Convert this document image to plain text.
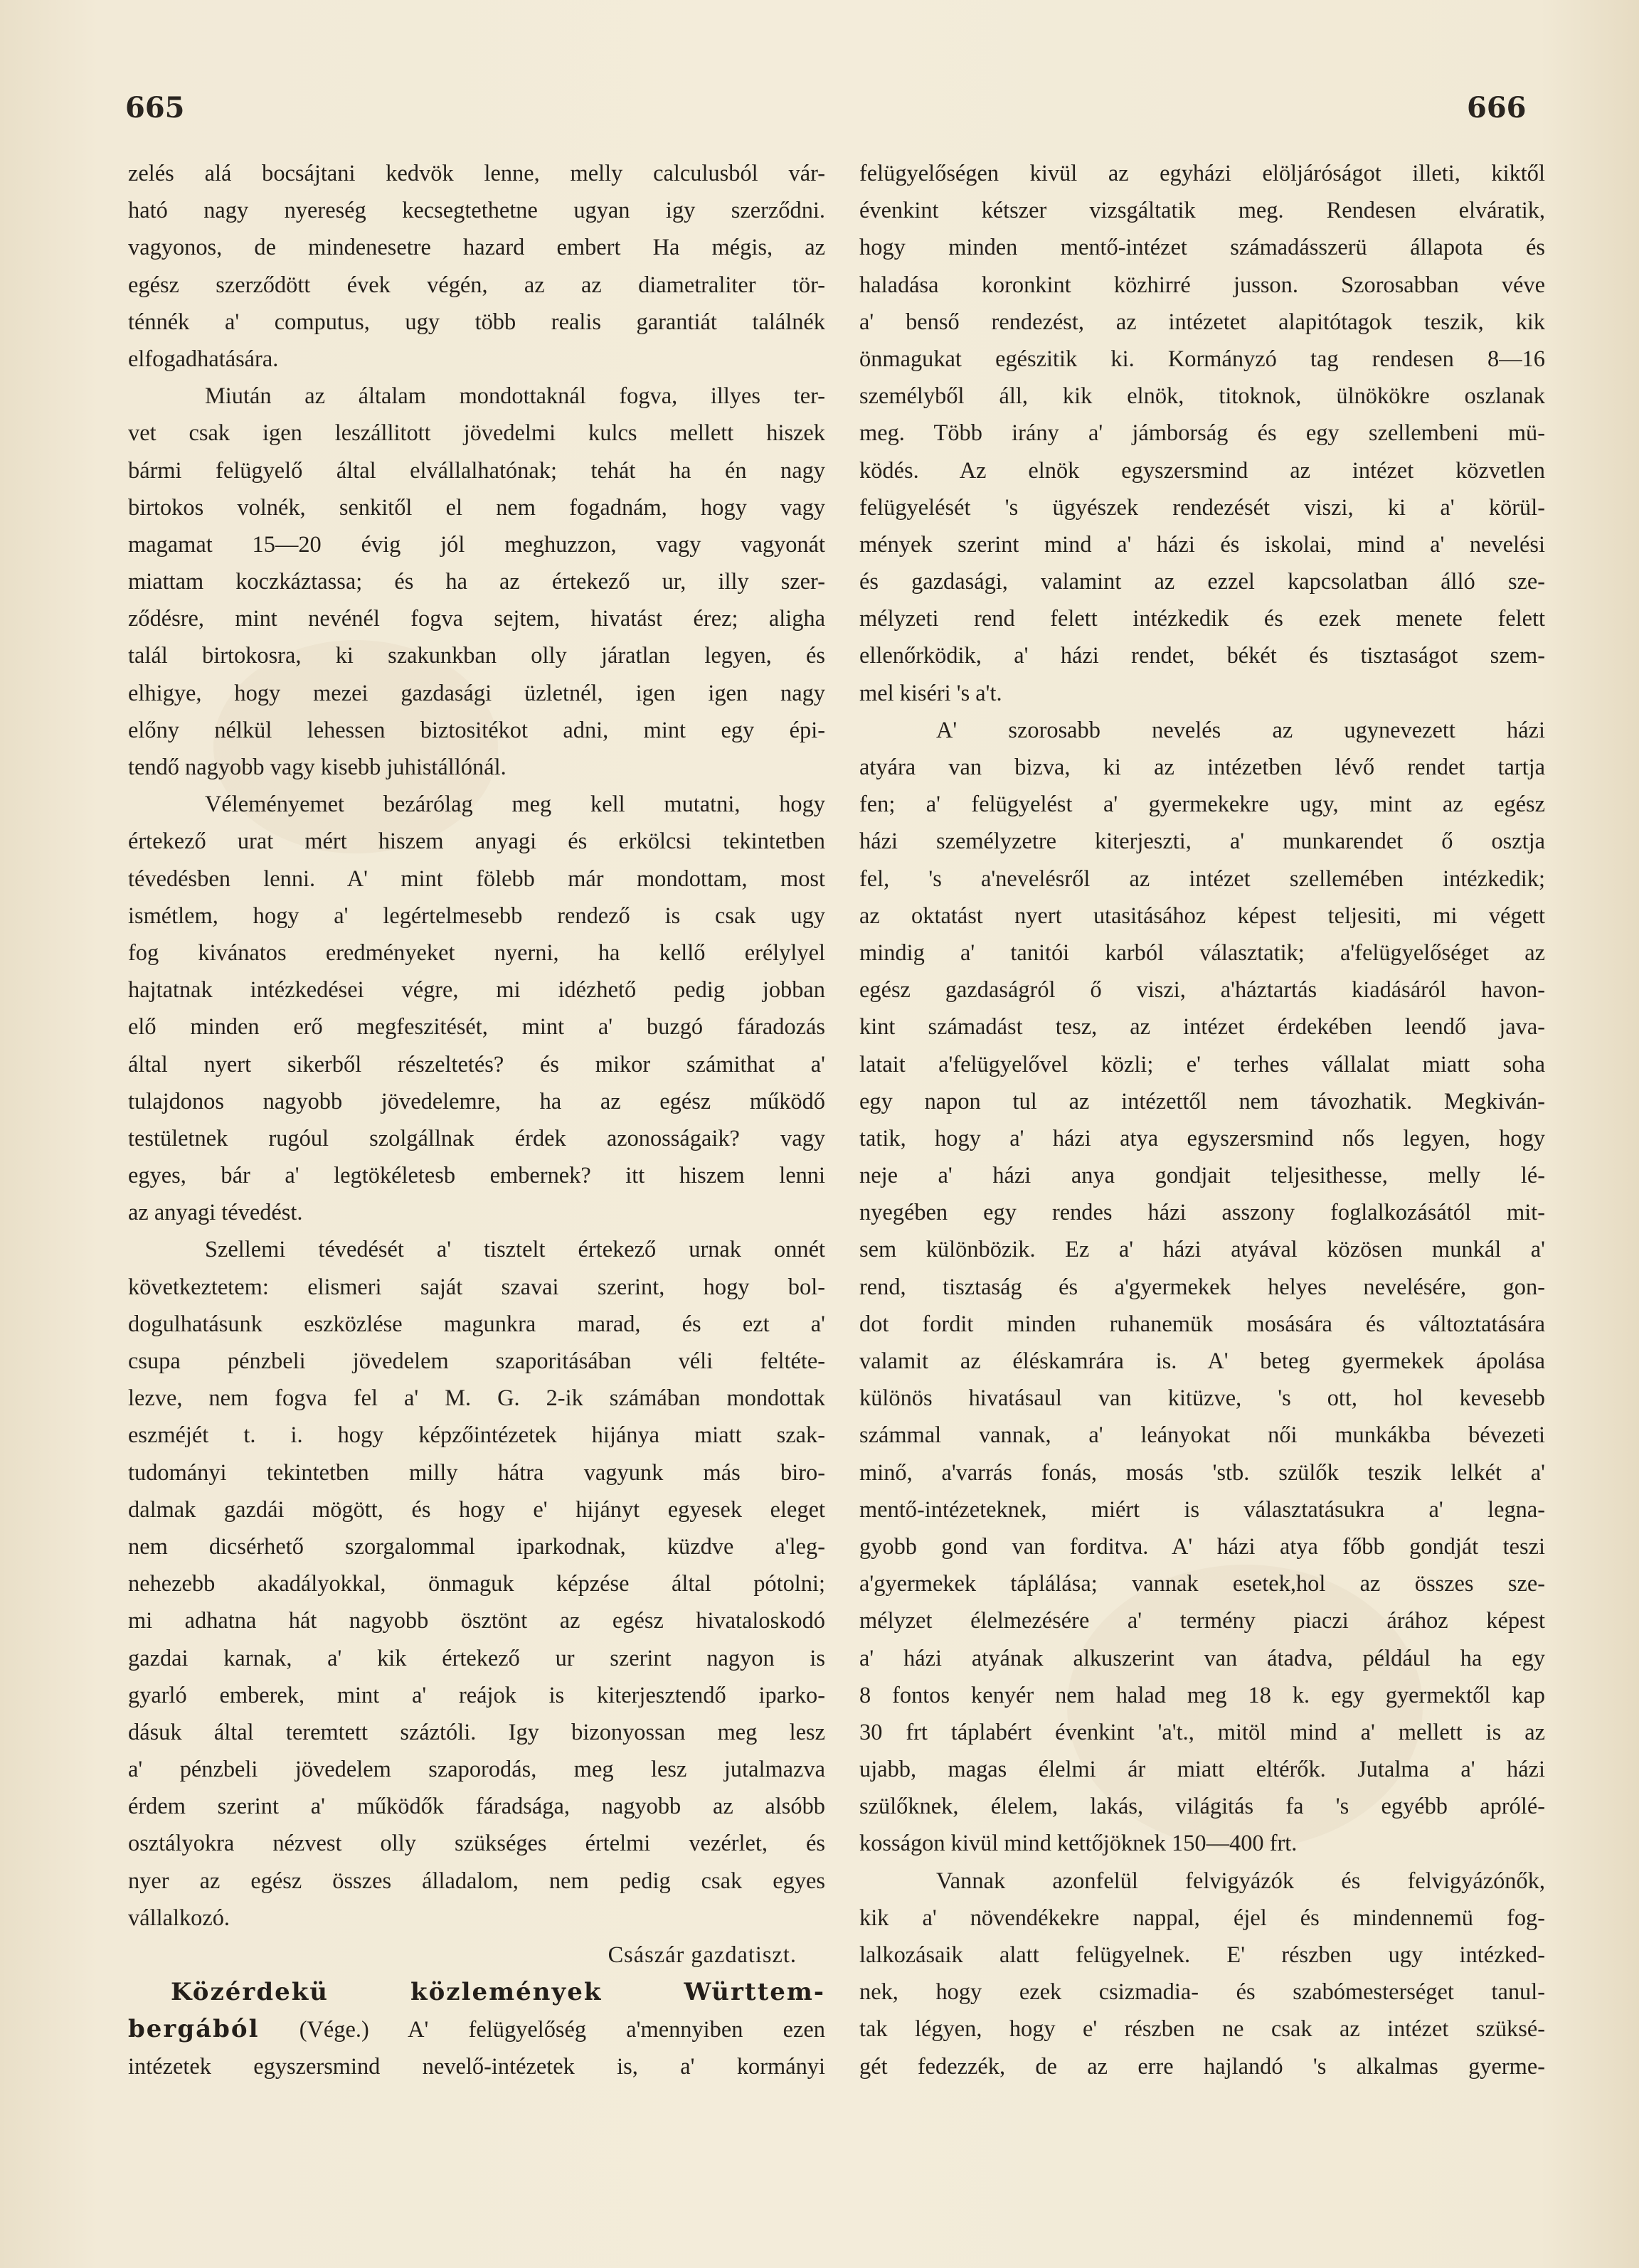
665	666
zelés alá bocsájtani kedvök lenne, melly calculusból vár-
ható nagy nyereség kecsegtethetne ugyan igy szerződni.
vagyonos, de mindenesetre hazard embert Ha mégis, az
egész szerződött évek végén, az az diametraliter tör-
ténnék a' computus, ugy több realis garantiát találnék
elfogadhatására.
Miután az általam mondottaknál fogva, illyes ter-
vet csak igen leszállitott jövedelmi kulcs mellett hiszek
bármi felügyelő által elvállalhatónak; tehát ha én nagy
birtokos volnék, senkitől el nem fogadnám, hogy vagy
magamat 15—20 évig jól meghuzzon, vagy vagyonát
miattam koczkáztassa; és ha az értekező ur, illy szer-
ződésre, mint nevénél fogva sejtem, hivatást érez; aligha
talál birtokosra, ki szakunkban olly járatlan legyen, és
elhigye, hogy mezei gazdasági üzletnél, igen igen nagy
előny nélkül lehessen biztositékot adni, mint egy épi-
tendő nagyobb vagy kisebb juhistállónál.
Véleményemet bezárólag meg kell mutatni, hogy
értekező urat mért hiszem anyagi és erkölcsi tekintetben
tévedésben lenni. A' mint fölebb már mondottam, most
ismétlem, hogy a' legértelmesebb rendező is csak ugy
fog kivánatos eredményeket nyerni, ha kellő erélylyel
hajtatnak intézkedései végre, mi idézhető pedig jobban
elő minden erő megfeszitését, mint a' buzgó fáradozás
által nyert sikerből részeltetés? és mikor számithat a'
tulajdonos nagyobb jövedelemre, ha az egész működő
testületnek rugóul szolgállnak érdek azonosságaik? vagy
egyes, bár a' legtökéletesb embernek? itt hiszem lenni
az anyagi tévedést.
Szellemi tévedését a' tisztelt értekező urnak onnét
következtetem: elismeri saját szavai szerint, hogy bol-
dogulhatásunk eszközlése magunkra marad, és ezt a'
csupa pénzbeli jövedelem szaporitásában véli feltéte-
lezve, nem fogva fel a' M. G. 2-ik számában mondottak
eszméjét t. i. hogy képzőintézetek hijánya miatt szak-
tudományi tekintetben milly hátra vagyunk más biro-
dalmak gazdái mögött, és hogy e' hijányt egyesek eleget
nem dicsérhető szorgalommal iparkodnak, küzdve a'leg-
nehezebb akadályokkal, önmaguk képzése által pótolni;
mi adhatna hát nagyobb ösztönt az egész hivataloskodó
gazdai karnak, a' kik értekező ur szerint nagyon is
gyarló emberek, mint a' reájok is kiterjesztendő iparko-
dásuk által teremtett száztóli. Igy bizonyossan meg lesz
a' pénzbeli jövedelem szaporodás, meg lesz jutalmazva
érdem szerint a' működők fáradsága, nagyobb az alsóbb
osztályokra nézvest olly szükséges értelmi vezérlet, és
nyer az egész összes álladalom, nem pedig csak egyes
vállalkozó.
Császár gazdatiszt.
Közérdekü közlemények Württem-
bergából (Vége.) A' felügyelőség a'mennyiben ezen
intézetek egyszersmind nevelő-intézetek is, a' kormányi
felügyelőségen kivül az egyházi elöljáróságot illeti, kiktől
évenkint kétszer vizsgáltatik meg. Rendesen elváratik,
hogy minden mentő-intézet számadásszerü állapota és
haladása koronkint közhirré jusson. Szorosabban véve
a' benső rendezést, az intézetet alapitótagok teszik, kik
önmagukat egészitik ki. Kormányzó tag rendesen 8—16
személyből áll, kik elnök, titoknok, ülnökökre oszlanak
meg. Több irány a' jámborság és egy szellembeni mü-
ködés. Az elnök egyszersmind az intézet közvetlen
felügyelését 's ügyészek rendezését viszi, ki a' körül-
mények szerint mind a' házi és iskolai, mind a' nevelési
és gazdasági, valamint az ezzel kapcsolatban álló sze-
mélyzeti rend felett intézkedik és ezek menete felett
ellenőrködik, a' házi rendet, békét és tisztaságot szem-
mel kiséri 's a't.
A' szorosabb nevelés az ugynevezett házi
atyára van bizva, ki az intézetben lévő rendet tartja
fen; a' felügyelést a' gyermekekre ugy, mint az egész
házi személyzetre kiterjeszti, a' munkarendet ő osztja
fel, 's a'nevelésről az intézet szellemében intézkedik;
az oktatást nyert utasitásához képest teljesiti, mi végett
mindig a' tanitói karból választatik; a'felügyelőséget az
egész gazdaságról ő viszi, a'háztartás kiadásáról havon-
kint számadást tesz, az intézet érdekében leendő java-
latait a'felügyelővel közli; e' terhes vállalat miatt soha
egy napon tul az intézettől nem távozhatik. Megkiván-
tatik, hogy a' házi atya egyszersmind nős legyen, hogy
neje a' házi anya gondjait teljesithesse, melly lé-
nyegében egy rendes házi asszony foglalkozásától mit-
sem különbözik. Ez a' házi atyával közösen munkál a'
rend, tisztaság és a'gyermekek helyes nevelésére, gon-
dot fordit minden ruhanemük mosására és változtatására
valamit az éléskamrára is. A' beteg gyermekek ápolása
különös hivatásaul van kitüzve, 's ott, hol kevesebb
számmal vannak, a' leányokat női munkákba bévezeti
minő, a'varrás fonás, mosás 'stb. szülők teszik lelkét a'
mentő-intézeteknek, miért is választatásukra a' legna-
gyobb gond van forditva. A' házi atya főbb gondját teszi
a'gyermekek táplálása; vannak esetek,hol az összes sze-
mélyzet élelmezésére a' termény piaczi árához képest
a' házi atyának alkuszerint van átadva, például ha egy
8 fontos kenyér nem halad meg 18 k. egy gyermektől kap
30 frt táplabért évenkint 'a't., mitöl mind a' mellett is az
ujabb, magas élelmi ár miatt eltérők. Jutalma a' házi
szülőknek, élelem, lakás, világitás fa 's egyébb aprólé-
kosságon kivül mind kettőjöknek 150—400 frt.
Vannak azonfelül felvigyázók és felvigyázónők,
kik a' növendékekre nappal, éjel és mindennemü fog-
lalkozásaik alatt felügyelnek. E' részben ugy intézked-
nek, hogy ezek csizmadia- és szabómesterséget tanul-
tak légyen, hogy e' részben ne csak az intézet szüksé-
gét fedezzék, de az erre hajlandó 's alkalmas gyerme-
